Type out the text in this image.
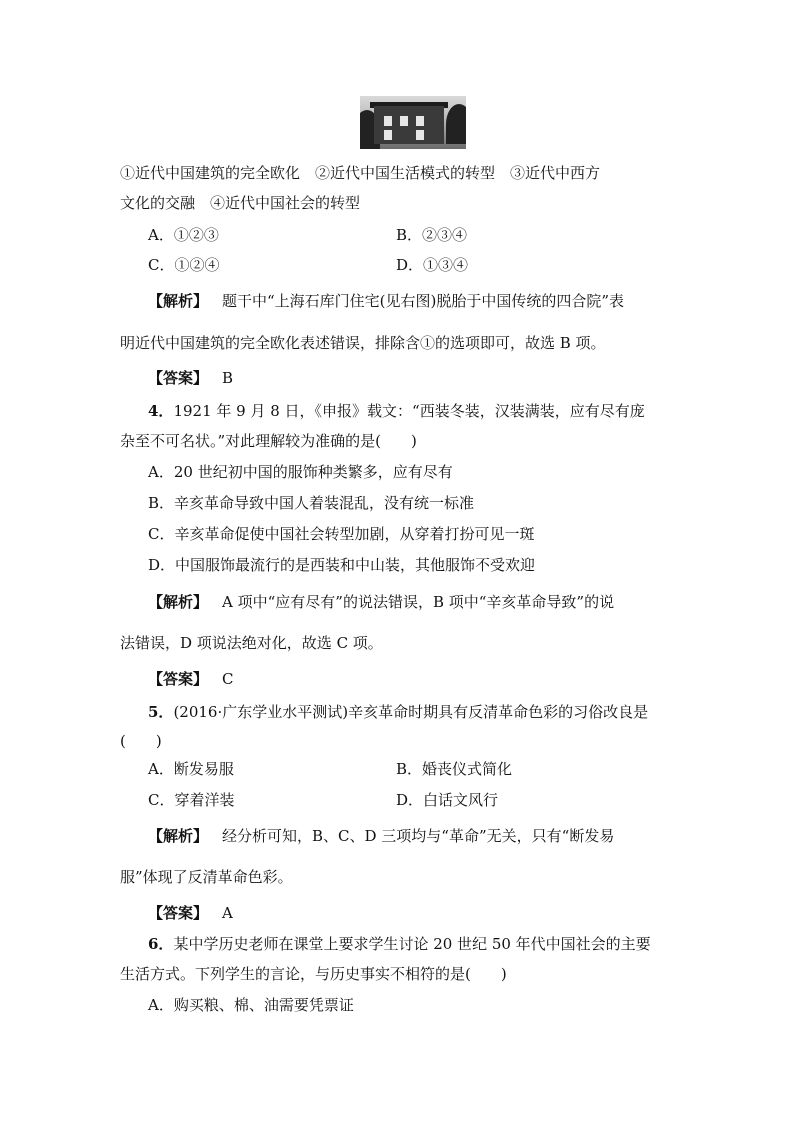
①近代中国建筑的完全欧化　②近代中国生活模式的转型　③近代中西方
文化的交融　④近代中国社会的转型
A．①②③	B．②③④
C．①②④	D．①③④
【解析】 题干中“上海石库门住宅(见右图)脱胎于中国传统的四合院”表
明近代中国建筑的完全欧化表述错误，排除含①的选项即可，故选 B 项。
【答案】 B
4．1921 年 9 月 8 日，《申报》载文：“西装冬装，汉装满装，应有尽有庞
杂至不可名状。”对此理解较为准确的是(　　)
A．20 世纪初中国的服饰种类繁多，应有尽有
B．辛亥革命导致中国人着装混乱，没有统一标准
C．辛亥革命促使中国社会转型加剧，从穿着打扮可见一斑
D．中国服饰最流行的是西装和中山装，其他服饰不受欢迎
【解析】 A 项中“应有尽有”的说法错误，B 项中“辛亥革命导致”的说
法错误，D 项说法绝对化，故选 C 项。
【答案】 C
5．(2016·广东学业水平测试)辛亥革命时期具有反清革命色彩的习俗改良是
(　　)
A．断发易服	B．婚丧仪式简化
C．穿着洋装	D．白话文风行
【解析】 经分析可知，B、C、D 三项均与“革命”无关，只有“断发易
服”体现了反清革命色彩。
【答案】 A
6．某中学历史老师在课堂上要求学生讨论 20 世纪 50 年代中国社会的主要
生活方式。下列学生的言论，与历史事实不相符的是(　　)
A．购买粮、棉、油需要凭票证
